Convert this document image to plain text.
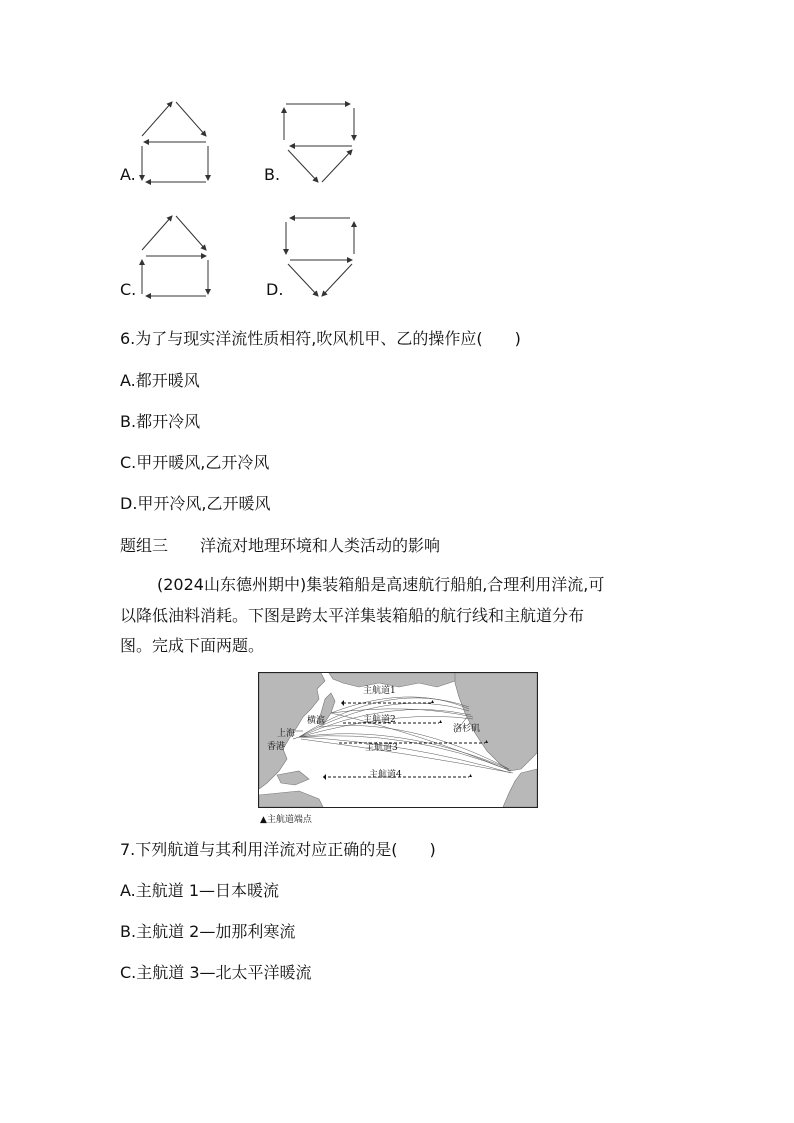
A.	B.
C.	D.
6.为了与现实洋流性质相符,吹风机甲、乙的操作应(　　)
A.都开暖风
B.都开冷风
C.甲开暖风,乙开冷风
D.甲开冷风,乙开暖风
题组三　　洋流对地理环境和人类活动的影响
(2024山东德州期中)集装箱船是高速航行船舶,合理利用洋流,可
以降低油料消耗。下图是跨太平洋集装箱船的航行线和主航道分布
图。完成下面两题。
主航道1
主航道2
主航道3
主航道4
洛杉矶
横滨
上海
香港
▲主航道端点
7.下列航道与其利用洋流对应正确的是(　　)
A.主航道 1—日本暖流
B.主航道 2—加那利寒流
C.主航道 3—北太平洋暖流
